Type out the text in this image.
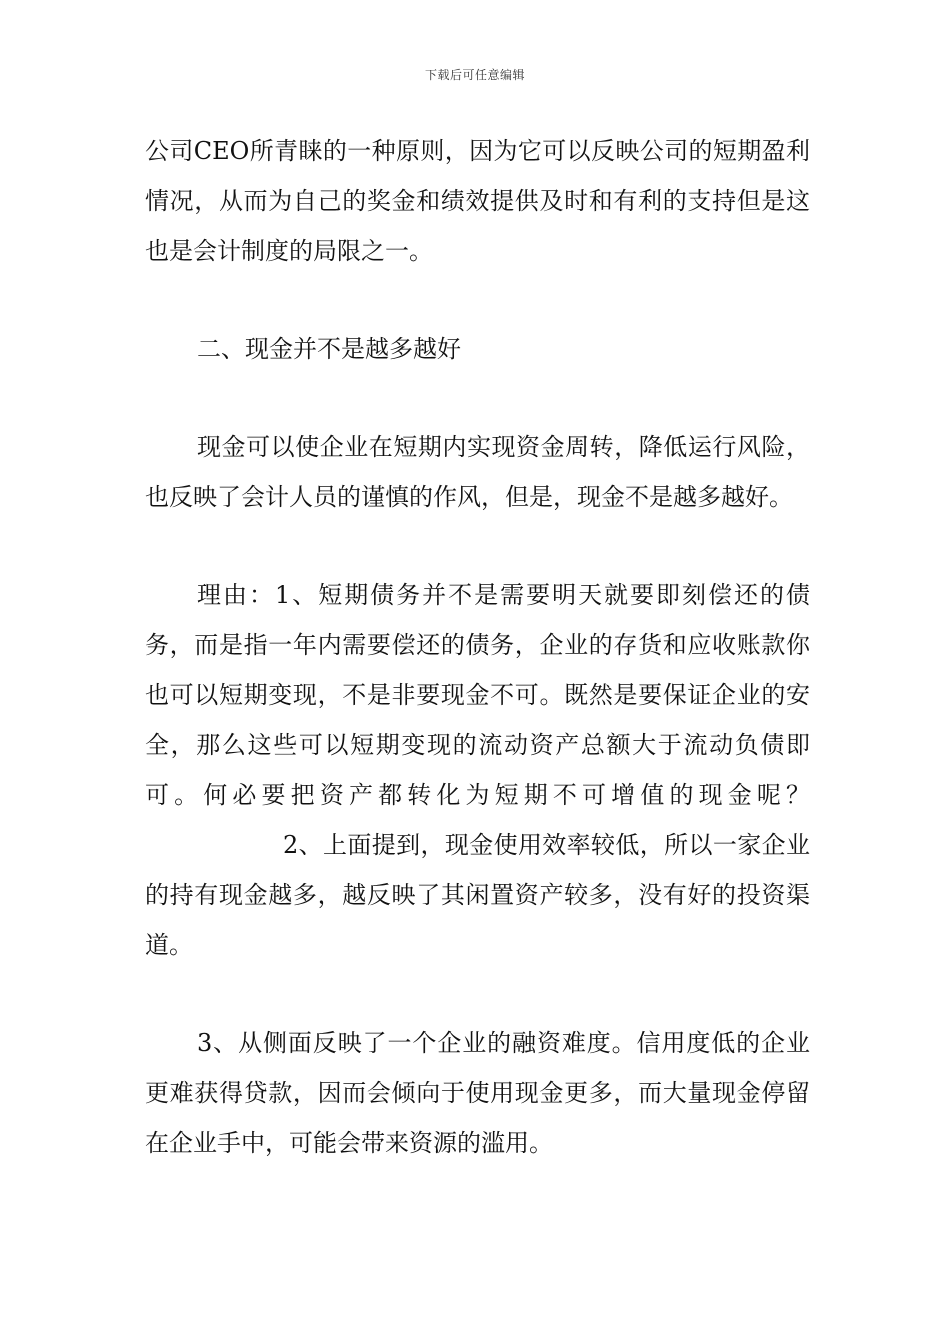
下载后可任意编辑

公司CEO所青睐的一种原则，因为它可以反映公司的短期盈利情况，从而为自己的奖金和绩效提供及时和有利的支持但是这也是会计制度的局限之一。

二、现金并不是越多越好

现金可以使企业在短期内实现资金周转，降低运行风险，也反映了会计人员的谨慎的作风，但是，现金不是越多越好。

理由：1、短期债务并不是需要明天就要即刻偿还的债务，而是指一年内需要偿还的债务，企业的存货和应收账款你也可以短期变现，不是非要现金不可。既然是要保证企业的安全，那么这些可以短期变现的流动资产总额大于流动负债即可。何必要把资产都转化为短期不可增值的现金呢？2、上面提到，现金使用效率较低，所以一家企业的持有现金越多，越反映了其闲置资产较多，没有好的投资渠道。

3、从侧面反映了一个企业的融资难度。信用度低的企业更难获得贷款，因而会倾向于使用现金更多，而大量现金停留在企业手中，可能会带来资源的滥用。
